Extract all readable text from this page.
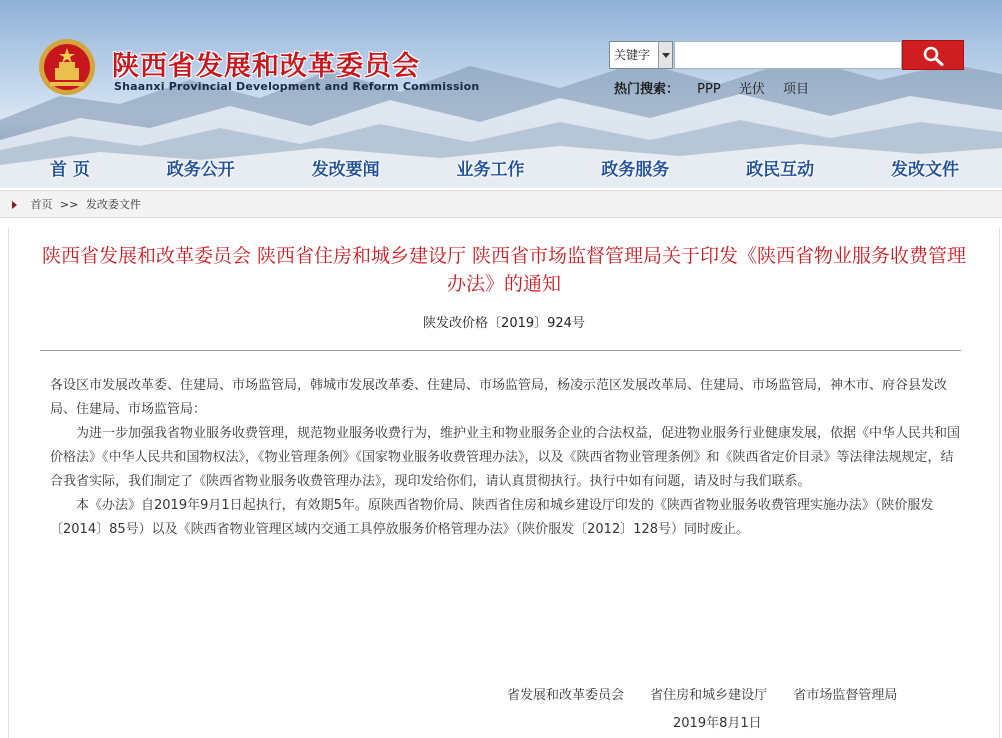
陕西省发展和改革委员会
Shaanxi Provincial Development and Reform Commission
关键字
热门搜索： PPP 光伏 项目
首 页	政务公开	发改要闻	业务工作	政务服务	政民互动	发改文件
首页 >> 发改委文件
陕西省发展和改革委员会 陕西省住房和城乡建设厅 陕西省市场监督管理局关于印发《陕西省物业服务收费管理办法》的通知
陕发改价格〔2019〕924号

各设区市发展改革委、住建局、市场监管局，韩城市发展改革委、住建局、市场监管局，杨凌示范区发展改革局、住建局、市场监管局，神木市、府谷县发改局、住建局、市场监管局：

为进一步加强我省物业服务收费管理，规范物业服务收费行为，维护业主和物业服务企业的合法权益，促进物业服务行业健康发展，依据《中华人民共和国价格法》《中华人民共和国物权法》，《物业管理条例》《国家物业服务收费管理办法》，以及《陕西省物业管理条例》和《陕西省定价目录》等法律法规规定，结合我省实际，我们制定了《陕西省物业服务收费管理办法》，现印发给你们，请认真贯彻执行。执行中如有问题，请及时与我们联系。

本《办法》自2019年9月1日起执行，有效期5年。原陕西省物价局、陕西省住房和城乡建设厅印发的《陕西省物业服务收费管理实施办法》（陕价服发〔2014〕85号）以及《陕西省物业管理区域内交通工具停放服务价格管理办法》（陕价服发〔2012〕128号）同时废止。

省发展和改革委员会 省住房和城乡建设厅 省市场监督管理局
2019年8月1日
